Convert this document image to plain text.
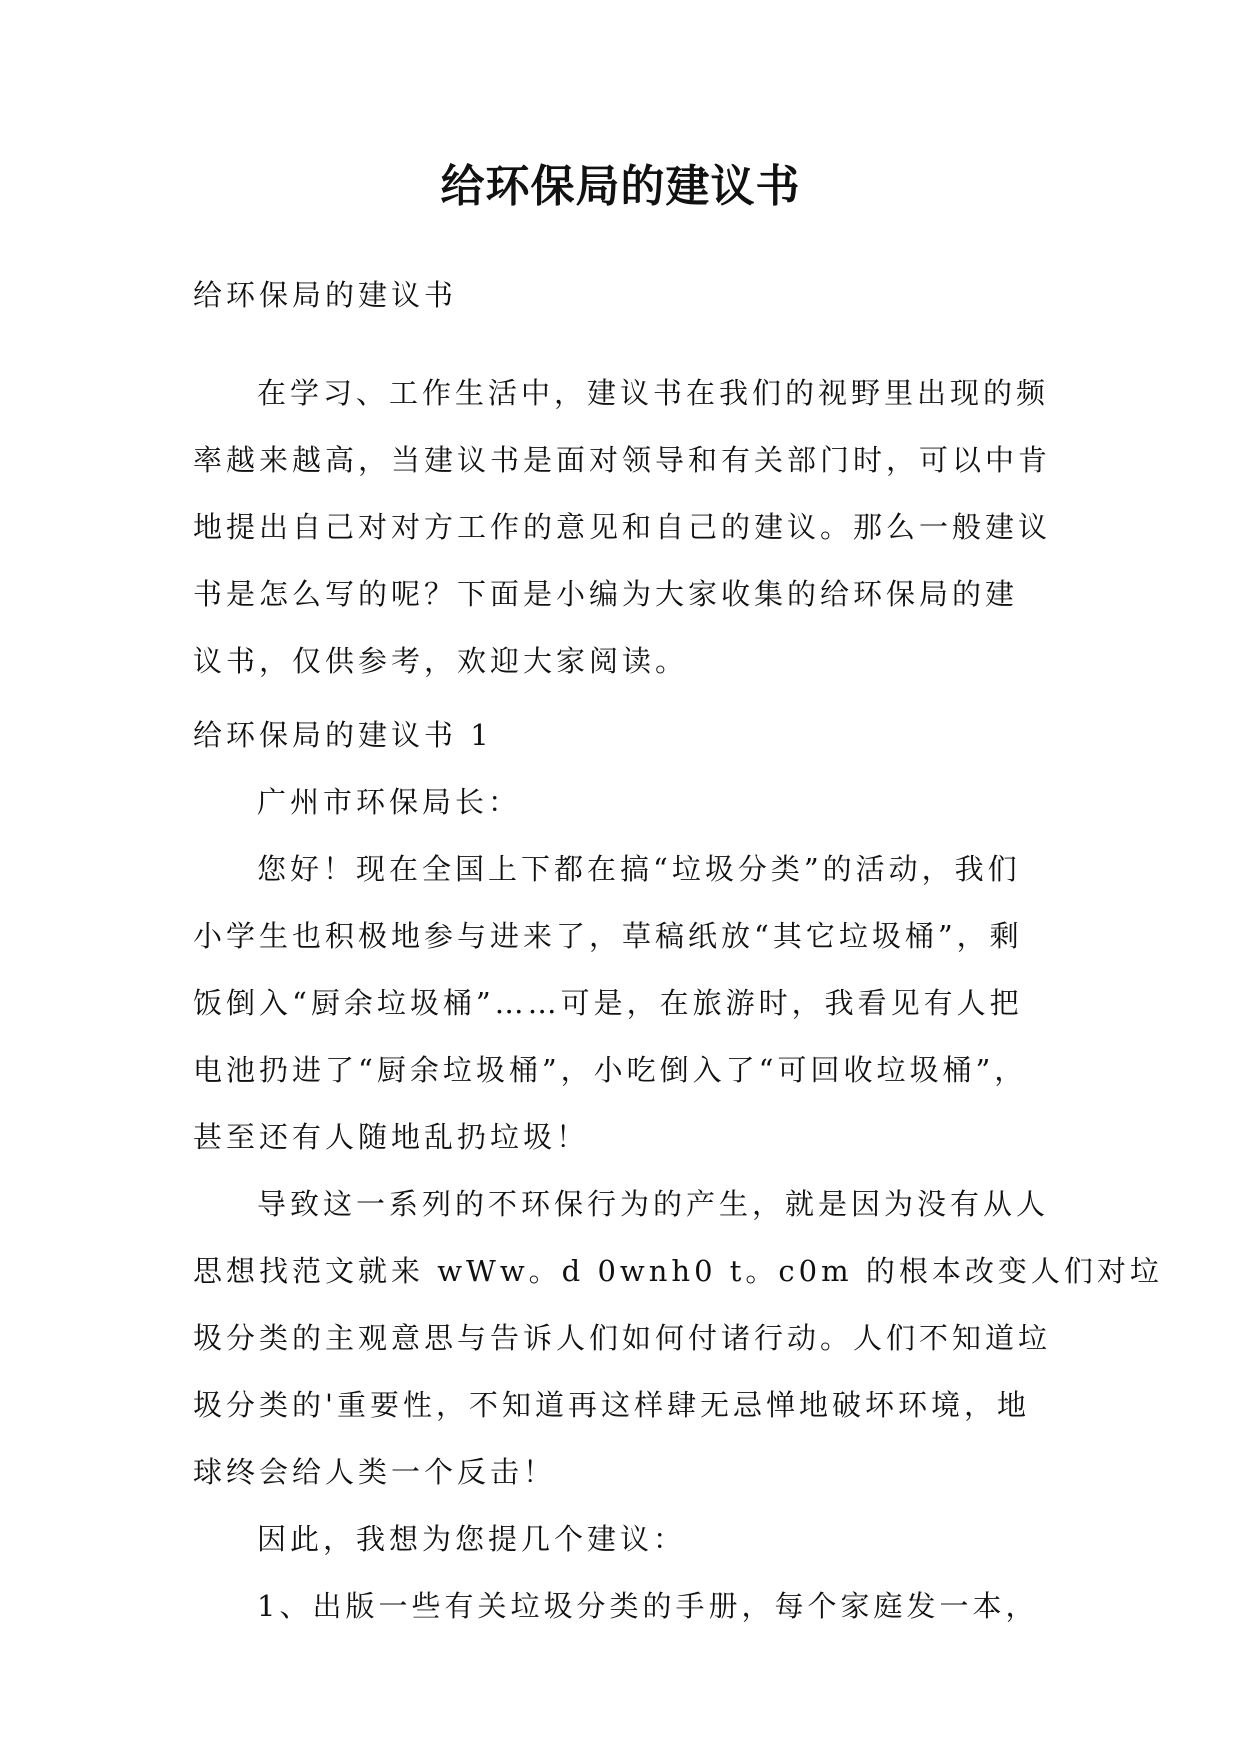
给环保局的建议书

给环保局的建议书

在学习、工作生活中，建议书在我们的视野里出现的频
率越来越高，当建议书是面对领导和有关部门时，可以中肯
地提出自己对对方工作的意见和自己的建议。那么一般建议
书是怎么写的呢？下面是小编为大家收集的给环保局的建
议书，仅供参考，欢迎大家阅读。

给环保局的建议书 1

广州市环保局长：

您好！现在全国上下都在搞“垃圾分类”的活动，我们
小学生也积极地参与进来了，草稿纸放“其它垃圾桶”，剩
饭倒入“厨余垃圾桶”……可是，在旅游时，我看见有人把
电池扔进了“厨余垃圾桶”，小吃倒入了“可回收垃圾桶”，
甚至还有人随地乱扔垃圾！
导致这一系列的不环保行为的产生，就是因为没有从人
思想找范文就来 wWw。d 0wnh0 t。c0m 的根本改变人们对垃
圾分类的主观意思与告诉人们如何付诸行动。人们不知道垃
圾分类的'重要性，不知道再这样肆无忌惮地破坏环境，地
球终会给人类一个反击！

因此，我想为您提几个建议：

1、出版一些有关垃圾分类的手册，每个家庭发一本，
